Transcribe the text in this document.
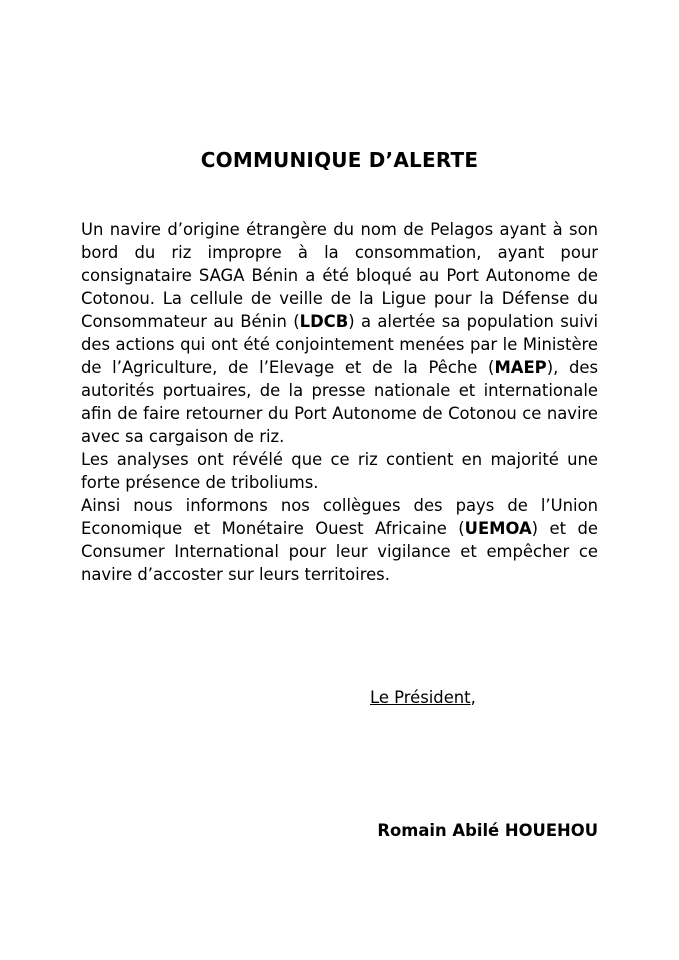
COMMUNIQUE D’ALERTE

Un navire d’origine étrangère du nom de Pelagos ayant à son bord du riz impropre à la consommation, ayant pour consignataire SAGA Bénin a été bloqué au Port Autonome de Cotonou. La cellule de veille de la Ligue pour la Défense du Consommateur au Bénin (LDCB) a alertée sa population suivi des actions qui ont été conjointement menées par le Ministère de l’Agriculture, de l’Elevage et de la Pêche (MAEP), des autorités portuaires, de la presse nationale et internationale afin de faire retourner du Port Autonome de Cotonou ce navire avec sa cargaison de riz.

Les analyses ont révélé que ce riz contient en majorité une forte présence de triboliums.

Ainsi nous informons nos collègues des pays de l’Union Economique et Monétaire Ouest Africaine (UEMOA) et de Consumer International pour leur vigilance et empêcher ce navire d’accoster sur leurs territoires.

Le Président,
Romain Abilé HOUEHOU
